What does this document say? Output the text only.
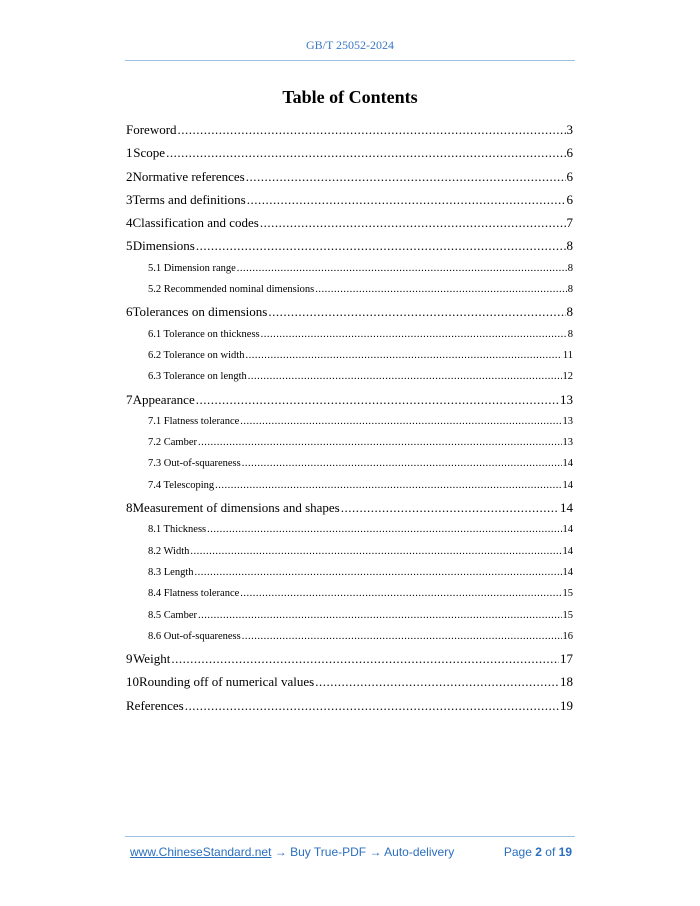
GB/T 25052-2024
Table of Contents
Foreword .....	3
1 Scope .....	6
2 Normative references .....	6
3 Terms and definitions .....	6
4 Classification and codes .....	7
5 Dimensions .....	8
5.1 Dimension range .....	8
5.2 Recommended nominal dimensions .....	8
6 Tolerances on dimensions .....	8
6.1 Tolerance on thickness .....	8
6.2 Tolerance on width .....	11
6.3 Tolerance on length .....	12
7 Appearance .....	13
7.1 Flatness tolerance .....	13
7.2 Camber .....	13
7.3 Out-of-squareness .....	14
7.4 Telescoping .....	14
8 Measurement of dimensions and shapes .....	14
8.1 Thickness .....	14
8.2 Width .....	14
8.3 Length .....	14
8.4 Flatness tolerance .....	15
8.5 Camber .....	15
8.6 Out-of-squareness .....	16
9 Weight .....	17
10 Rounding off of numerical values .....	18
References .....	19
www.ChineseStandard.net → Buy True-PDF → Auto-delivery	Page 2 of 19
